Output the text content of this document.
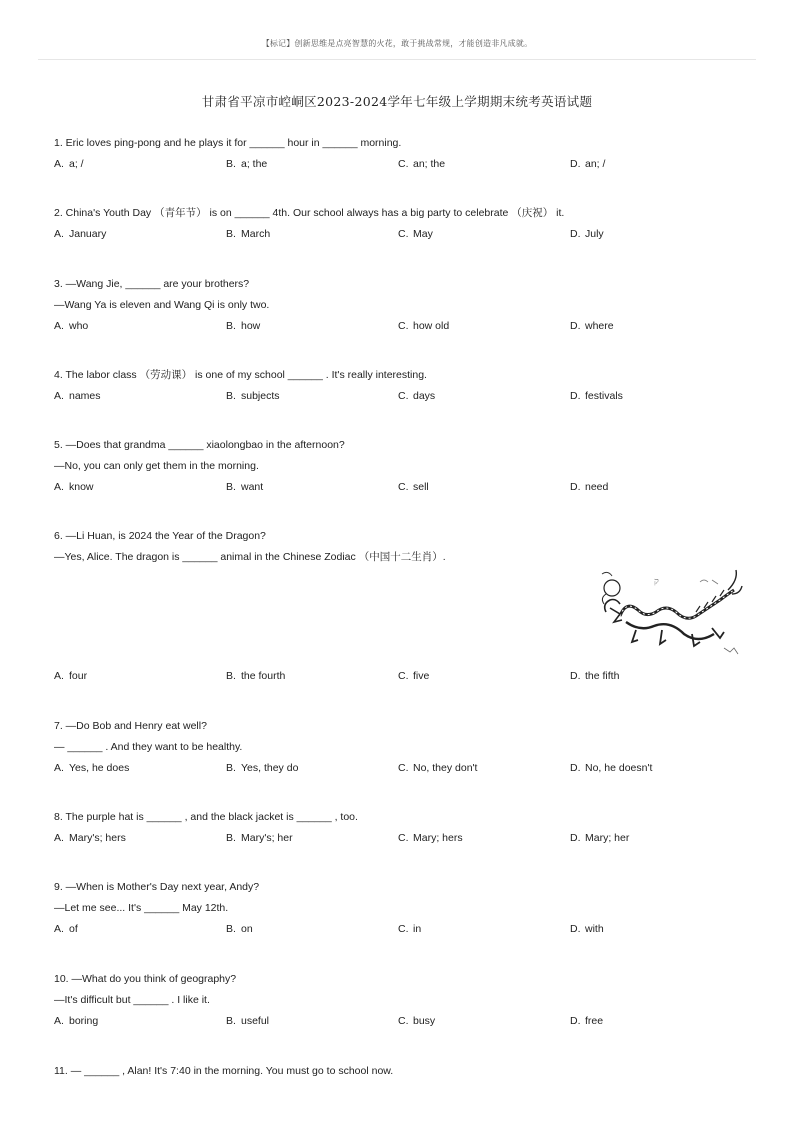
【标记】创新思维是点亮智慧的火花，敢于挑战常规，才能创造非凡成就。
甘肃省平凉市崆峒区2023-2024学年七年级上学期期末统考英语试题
1. Eric loves ping-pong and he plays it for ______ hour in ______ morning.
A. a; /	B. a; the	C. an; the	D. an; /
2. China's Youth Day （青年节） is on ______ 4th. Our school always has a big party to celebrate （庆祝） it.
A. January	B. March	C. May	D. July
3. —Wang Jie, ______ are your brothers?
—Wang Ya is eleven and Wang Qi is only two.
A. who	B. how	C. how old	D. where
4. The labor class （劳动课） is one of my school ______ . It's really interesting.
A. names	B. subjects	C. days	D. festivals
5. —Does that grandma ______ xiaolongbao in the afternoon?
—No, you can only get them in the morning.
A. know	B. want	C. sell	D. need
6. —Li Huan, is 2024 the Year of the Dragon?
—Yes, Alice. The dragon is ______ animal in the Chinese Zodiac （中国十二生肖）.
A. four	B. the fourth	C. five	D. the fifth
7. —Do Bob and Henry eat well?
— ______ . And they want to be healthy.
A. Yes, he does	B. Yes, they do	C. No, they don't	D. No, he doesn't
8. The purple hat is ______ , and the black jacket is ______ , too.
A. Mary's; hers	B. Mary's; her	C. Mary; hers	D. Mary; her
9. —When is Mother's Day next year, Andy?
—Let me see... It's ______ May 12th.
A. of	B. on	C. in	D. with
10. —What do you think of geography?
—It's difficult but ______ . I like it.
A. boring	B. useful	C. busy	D. free
11. — ______ , Alan! It's 7:40 in the morning. You must go to school now.
ק
